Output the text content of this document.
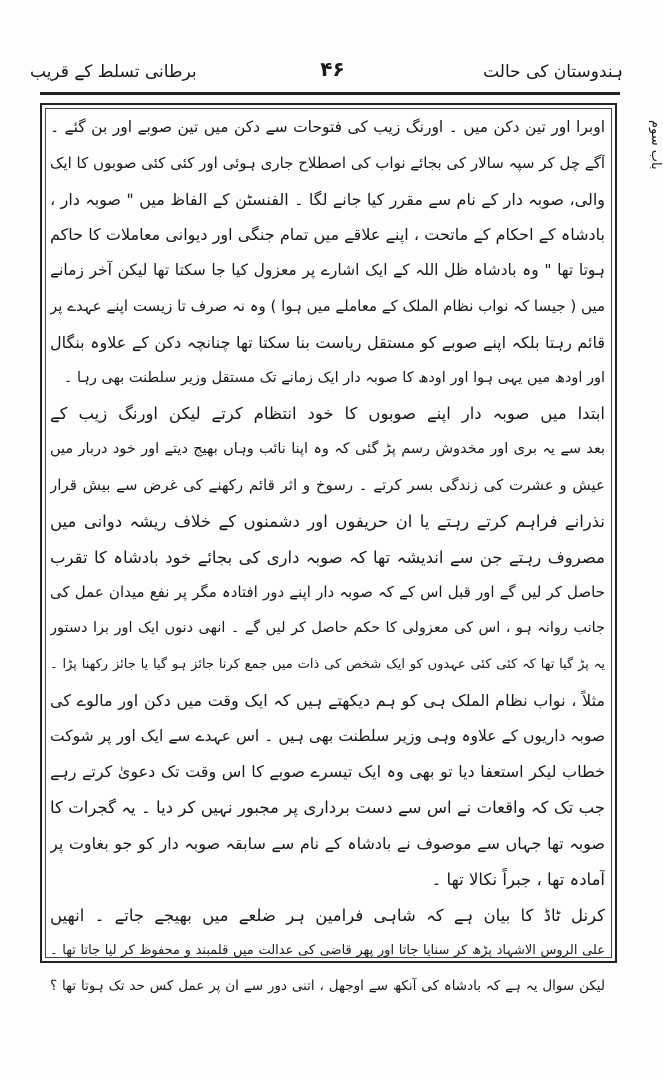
ہندوستان کی حالت
۴۶
برطانی تسلط کے قریب
باب سوم
اوبرا اور تین دکن میں ۔ اورنگ زیب کی فتوحات سے دکن میں تین صوبے اور بن گئے ۔
آگے چل کر سپہ سالار کی بجائے نواب کی اصطلاح جاری ہوئی اور کئی کئی صوبوں کا ایک
والی، صوبہ دار کے نام سے مقرر کیا جانے لگا ۔ الفنسٹن کے الفاظ میں " صوبہ دار ،
بادشاہ کے احکام کے ماتحت ، اپنے علاقے میں تمام جنگی اور دیوانی معاملات کا حاکم
ہوتا تھا " وہ بادشاہ ظل اللہ کے ایک اشارے پر معزول کیا جا سکتا تھا لیکن آخر زمانے
میں ( جیسا کہ نواب نظام الملک کے معاملے میں ہوا ) وہ نہ صرف تا زیست اپنے عہدے پر
قائم رہتا بلکہ اپنے صوبے کو مستقل ریاست بنا سکتا تھا چنانچہ دکن کے علاوہ بنگال
اور اودھ میں یہی ہوا اور اودھ کا صوبہ دار ایک زمانے تک مستقل وزیر سلطنت بھی رہا ۔
ابتدا میں صوبہ دار اپنے صوبوں کا خود انتظام کرتے لیکن اورنگ زیب کے
بعد سے یہ بری اور مخدوش رسم پڑ گئی کہ وہ اپنا نائب وہاں بھیج دیتے اور خود دربار میں
عیش و عشرت کی زندگی بسر کرتے ۔ رسوخ و اثر قائم رکھنے کی غرض سے بیش قرار
نذرانے فراہم کرتے رہتے یا ان حریفوں اور دشمنوں کے خلاف ریشہ دوانی میں
مصروف رہتے جن سے اندیشہ تھا کہ صوبہ داری کی بجائے خود بادشاہ کا تقرب
حاصل کر لیں گے اور قبل اس کے کہ صوبہ دار اپنے دور افتادہ مگر پر نفع میدان عمل کی
جانب روانہ ہو ، اس کی معزولی کا حکم حاصل کر لیں گے ۔ انھی دنوں ایک اور برا دستور
یہ پڑ گیا تھا کہ کئی کئی عہدوں کو ایک شخص کی ذات میں جمع کرنا جائز ہو گیا یا جائز رکھنا پڑا ۔
مثلاً ، نواب نظام الملک ہی کو ہم دیکھتے ہیں کہ ایک وقت میں دکن اور مالوے کی
صوبہ داریوں کے علاوہ وہی وزیر سلطنت بھی ہیں ۔ اس عہدے سے ایک اور پر شوکت
خطاب لیکر استعفا دیا تو بھی وہ ایک تیسرے صوبے کا اس وقت تک دعویٰ کرتے رہے
جب تک کہ واقعات نے اس سے دست برداری پر مجبور نہیں کر دیا ۔ یہ گجرات کا
صوبہ تھا جہاں سے موصوف نے بادشاہ کے نام سے سابقہ صوبہ دار کو جو بغاوت پر
آمادہ تھا ، جبراً نکالا تھا ۔
کرنل ٹاڈ کا بیان ہے کہ شاہی فرامین ہر ضلعے میں بھیجے جاتے ۔ انھیں
علی الروس الاشہاد پڑھ کر سنایا جاتا اور پھر قاضی کی عدالت میں قلمبند و محفوظ کر لیا جاتا تھا ۔
لیکن سوال یہ ہے کہ بادشاہ کی آنکھ سے اوجھل ، اتنی دور سے ان پر عمل کس حد تک ہوتا تھا ؟
